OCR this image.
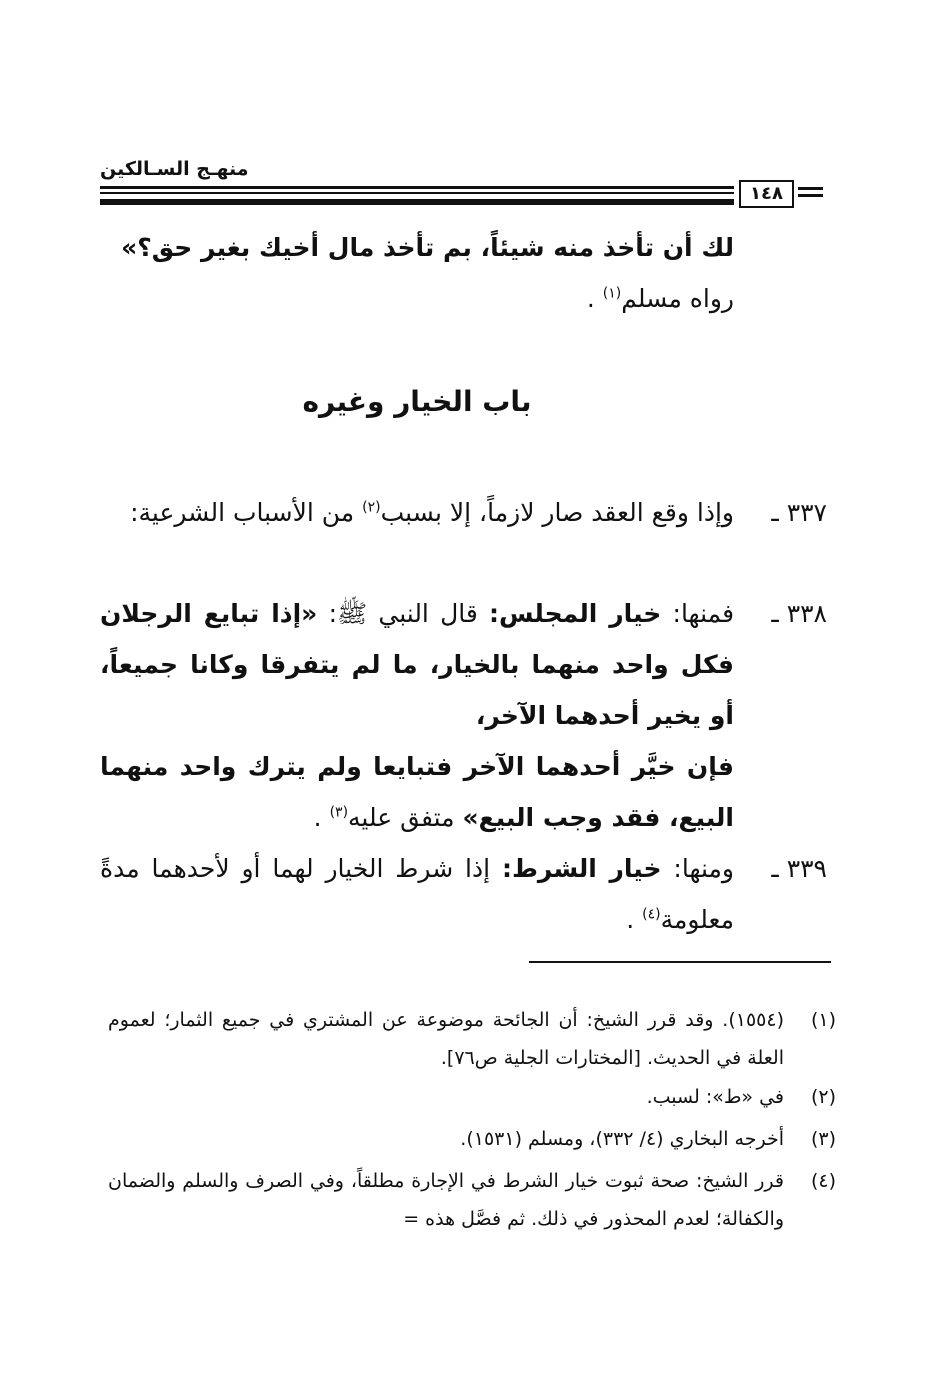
منهـج السـالكين
١٤٨
لك أن تأخذ منه شيئاً، بم تأخذ مال أخيك بغير حق؟»
رواه مسلم$^{(١)}$ .
باب الخيار وغيره
٣٣٧ ـ
وإذا وقع العقد صار لازماً، إلا بسبب$^{(٢)}$ من الأسباب الشرعية:
٣٣٨ ـ
فمنها: خيار المجلس: قال النبي ﷺ: «إذا تبايع الرجلان فكل واحد منهما بالخيار، ما لم يتفرقا وكانا جميعاً، أو يخير أحدهما الآخر،
فإن خيَّر أحدهما الآخر فتبايعا ولم يترك واحد منهما البيع، فقد وجب البيع» متفق عليه$^{(٣)}$ .
٣٣٩ ـ
ومنها: خيار الشرط: إذا شرط الخيار لهما أو لأحدهما مدةً معلومة$^{(٤)}$ .
(١)
(١٥٥٤). وقد قرر الشيخ: أن الجائحة موضوعة عن المشتري في جميع الثمار؛ لعموم العلة في الحديث. [المختارات الجلية ص٧٦].
(٢)
في «ط»: لسبب.
(٣)
أخرجه البخاري (٤/ ٣٣٢)، ومسلم (١٥٣١).
(٤)
قرر الشيخ: صحة ثبوت خيار الشرط في الإجارة مطلقاً، وفي الصرف والسلم والضمان والكفالة؛ لعدم المحذور في ذلك. ثم فصَّل هذه =
